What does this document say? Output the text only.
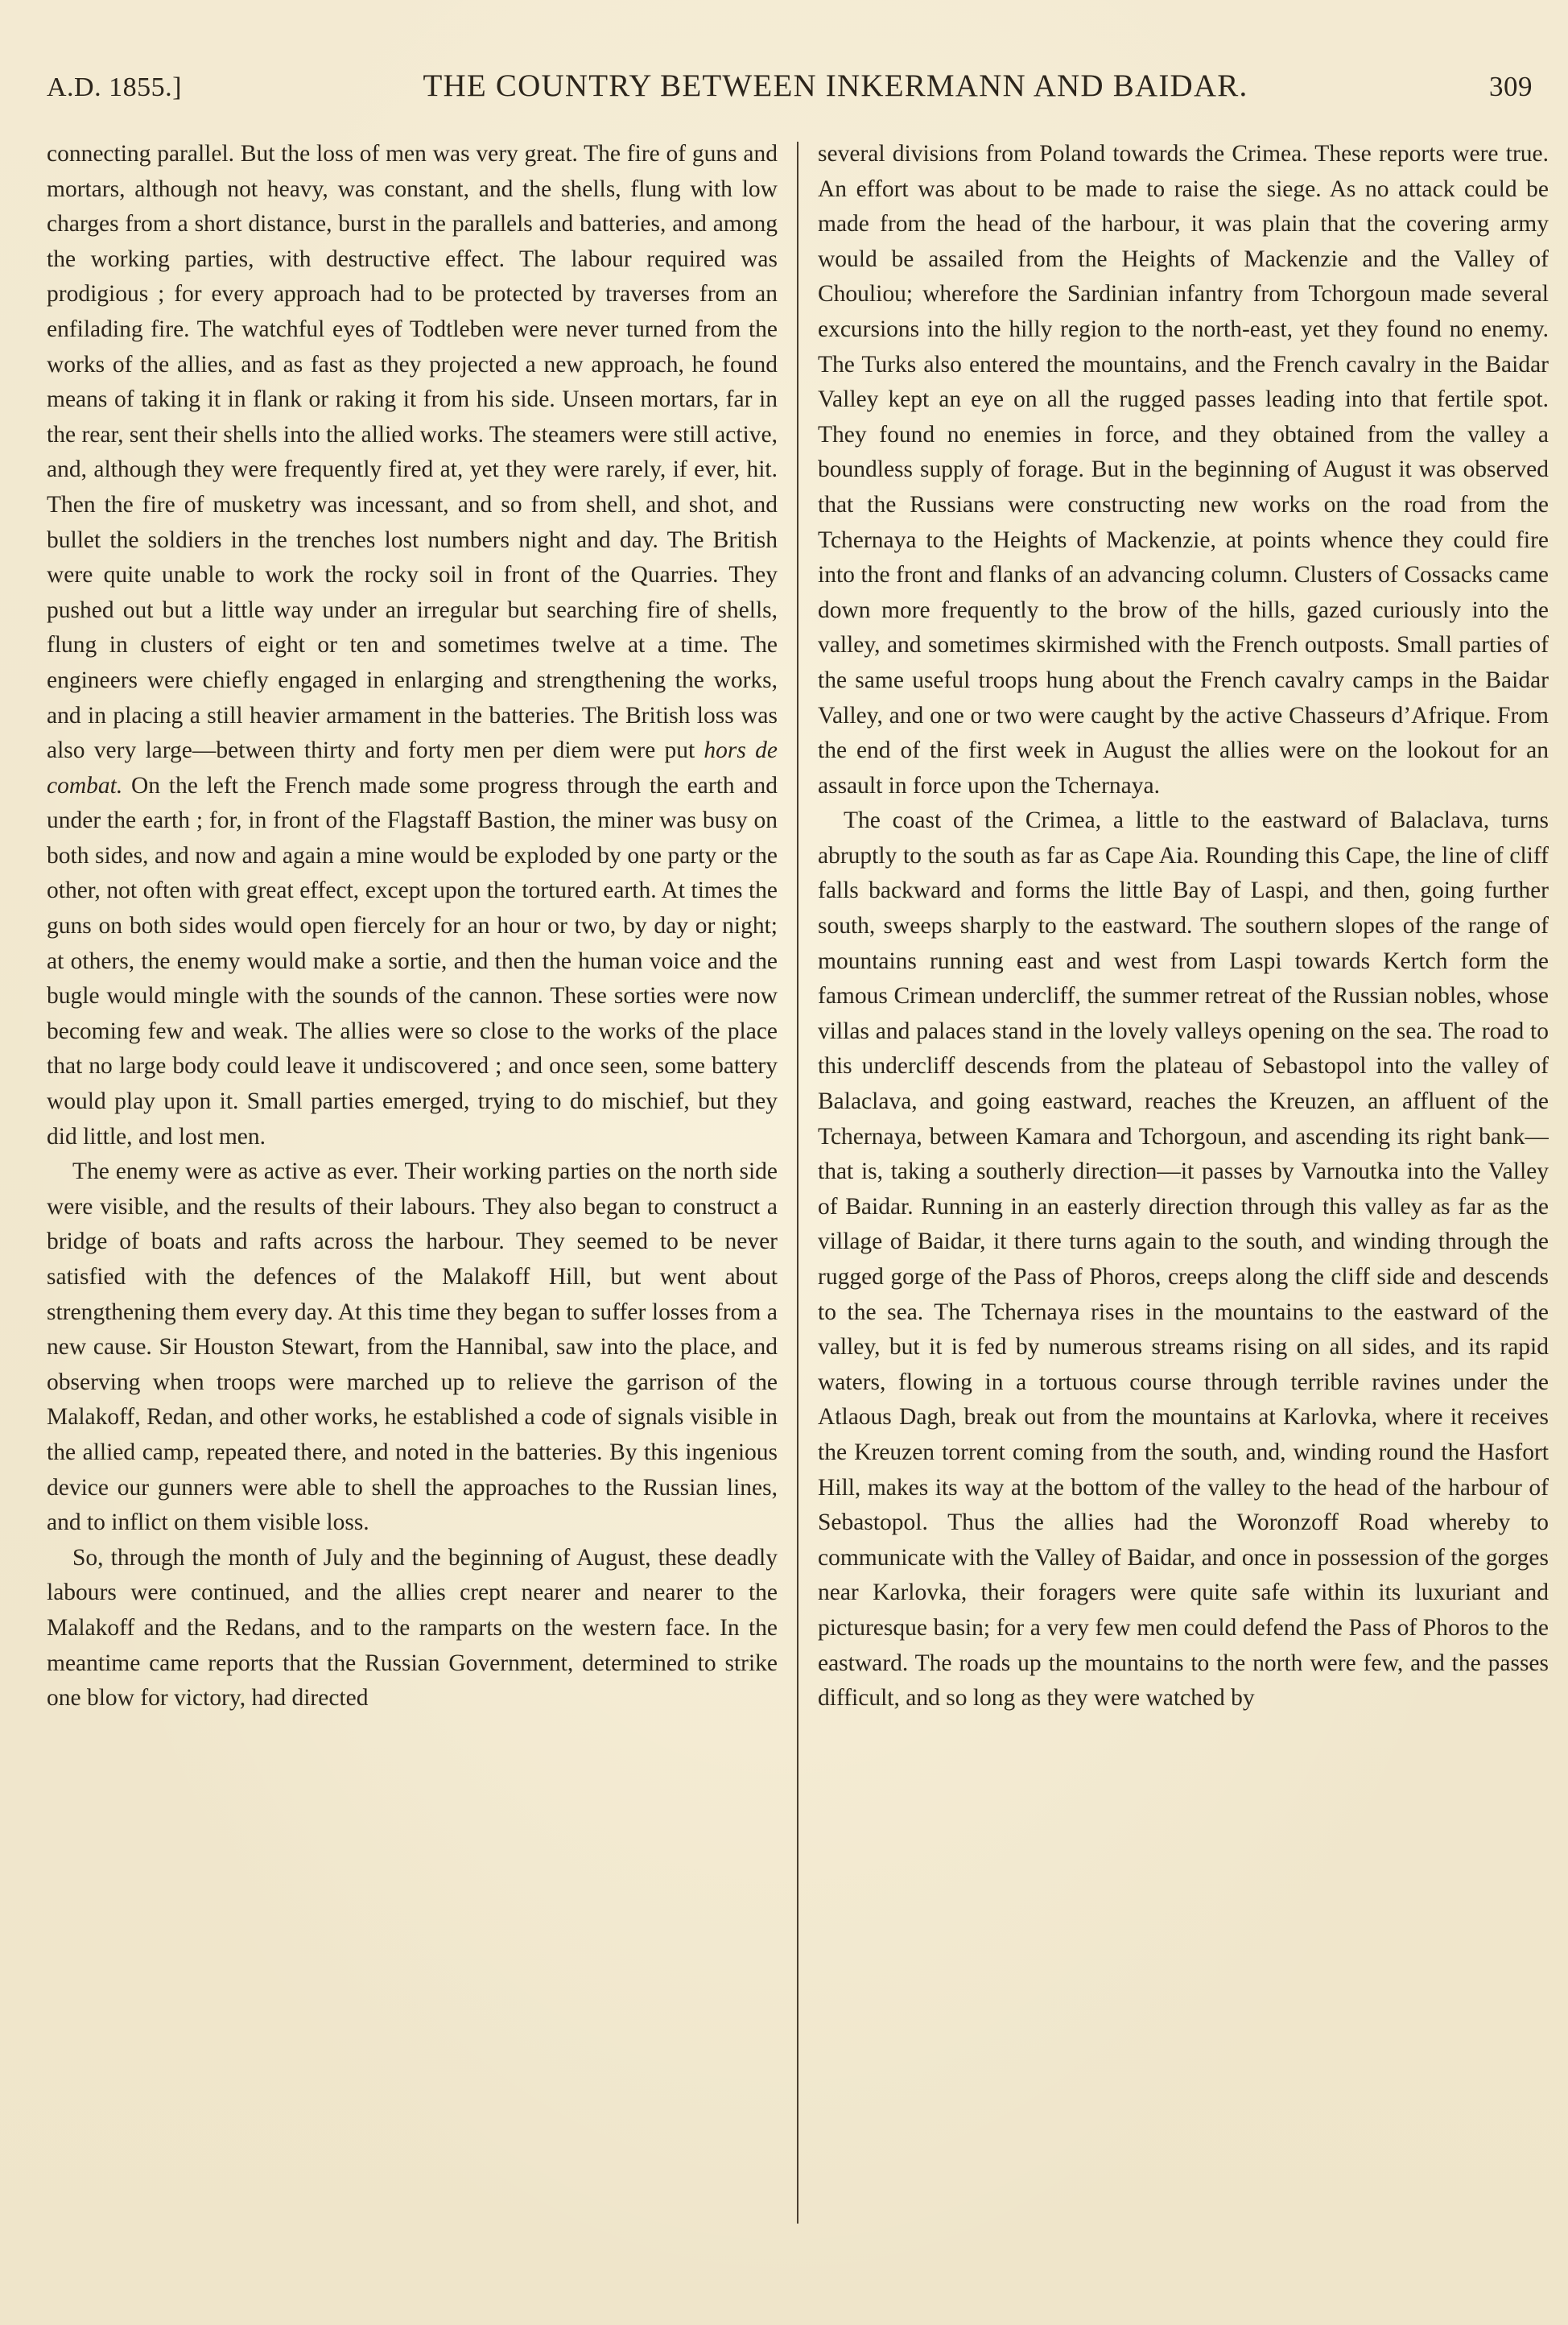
A.D. 1855.]	THE COUNTRY BETWEEN INKERMANN AND BAIDAR.	309

connecting parallel. But the loss of men was very great. The fire of guns and mortars, although not heavy, was constant, and the shells, flung with low charges from a short distance, burst in the parallels and batteries, and among the working parties, with destructive effect. The labour required was prodigious ; for every approach had to be protected by traverses from an enfilading fire. The watchful eyes of Todtleben were never turned from the works of the allies, and as fast as they projected a new approach, he found means of taking it in flank or raking it from his side. Unseen mortars, far in the rear, sent their shells into the allied works. The steamers were still active, and, although they were frequently fired at, yet they were rarely, if ever, hit. Then the fire of musketry was incessant, and so from shell, and shot, and bullet the soldiers in the trenches lost numbers night and day. The British were quite unable to work the rocky soil in front of the Quarries. They pushed out but a little way under an irregular but searching fire of shells, flung in clusters of eight or ten and sometimes twelve at a time. The engineers were chiefly engaged in enlarging and strengthening the works, and in placing a still heavier armament in the batteries. The British loss was also very large—between thirty and forty men per diem were put hors de combat. On the left the French made some progress through the earth and under the earth ; for, in front of the Flagstaff Bastion, the miner was busy on both sides, and now and again a mine would be exploded by one party or the other, not often with great effect, except upon the tortured earth. At times the guns on both sides would open fiercely for an hour or two, by day or night; at others, the enemy would make a sortie, and then the human voice and the bugle would mingle with the sounds of the cannon. These sorties were now becoming few and weak. The allies were so close to the works of the place that no large body could leave it undiscovered ; and once seen, some battery would play upon it. Small parties emerged, trying to do mischief, but they did little, and lost men.

The enemy were as active as ever. Their working parties on the north side were visible, and the results of their labours. They also began to construct a bridge of boats and rafts across the harbour. They seemed to be never satisfied with the defences of the Malakoff Hill, but went about strengthening them every day. At this time they began to suffer losses from a new cause. Sir Houston Stewart, from the Hannibal, saw into the place, and observing when troops were marched up to relieve the garrison of the Malakoff, Redan, and other works, he established a code of signals visible in the allied camp, repeated there, and noted in the batteries. By this ingenious device our gunners were able to shell the approaches to the Russian lines, and to inflict on them visible loss.

So, through the month of July and the beginning of August, these deadly labours were continued, and the allies crept nearer and nearer to the Malakoff and the Redans, and to the ramparts on the western face. In the meantime came reports that the Russian Government, determined to strike one blow for victory, had directed

several divisions from Poland towards the Crimea. These reports were true. An effort was about to be made to raise the siege. As no attack could be made from the head of the harbour, it was plain that the covering army would be assailed from the Heights of Mackenzie and the Valley of Chouliou; wherefore the Sardinian infantry from Tchorgoun made several excursions into the hilly region to the north-east, yet they found no enemy. The Turks also entered the mountains, and the French cavalry in the Baidar Valley kept an eye on all the rugged passes leading into that fertile spot. They found no enemies in force, and they obtained from the valley a boundless supply of forage. But in the beginning of August it was observed that the Russians were constructing new works on the road from the Tchernaya to the Heights of Mackenzie, at points whence they could fire into the front and flanks of an advancing column. Clusters of Cossacks came down more frequently to the brow of the hills, gazed curiously into the valley, and sometimes skirmished with the French outposts. Small parties of the same useful troops hung about the French cavalry camps in the Baidar Valley, and one or two were caught by the active Chasseurs d’Afrique. From the end of the first week in August the allies were on the lookout for an assault in force upon the Tchernaya.

The coast of the Crimea, a little to the eastward of Balaclava, turns abruptly to the south as far as Cape Aia. Rounding this Cape, the line of cliff falls backward and forms the little Bay of Laspi, and then, going further south, sweeps sharply to the eastward. The southern slopes of the range of mountains running east and west from Laspi towards Kertch form the famous Crimean undercliff, the summer retreat of the Russian nobles, whose villas and palaces stand in the lovely valleys opening on the sea. The road to this undercliff descends from the plateau of Sebastopol into the valley of Balaclava, and going eastward, reaches the Kreuzen, an affluent of the Tchernaya, between Kamara and Tchorgoun, and ascending its right bank—that is, taking a southerly direction—it passes by Varnoutka into the Valley of Baidar. Running in an easterly direction through this valley as far as the village of Baidar, it there turns again to the south, and winding through the rugged gorge of the Pass of Phoros, creeps along the cliff side and descends to the sea. The Tchernaya rises in the mountains to the eastward of the valley, but it is fed by numerous streams rising on all sides, and its rapid waters, flowing in a tortuous course through terrible ravines under the Atlaous Dagh, break out from the mountains at Karlovka, where it receives the Kreuzen torrent coming from the south, and, winding round the Hasfort Hill, makes its way at the bottom of the valley to the head of the harbour of Sebastopol. Thus the allies had the Woronzoff Road whereby to communicate with the Valley of Baidar, and once in possession of the gorges near Karlovka, their foragers were quite safe within its luxuriant and picturesque basin; for a very few men could defend the Pass of Phoros to the eastward. The roads up the mountains to the north were few, and the passes difficult, and so long as they were watched by
